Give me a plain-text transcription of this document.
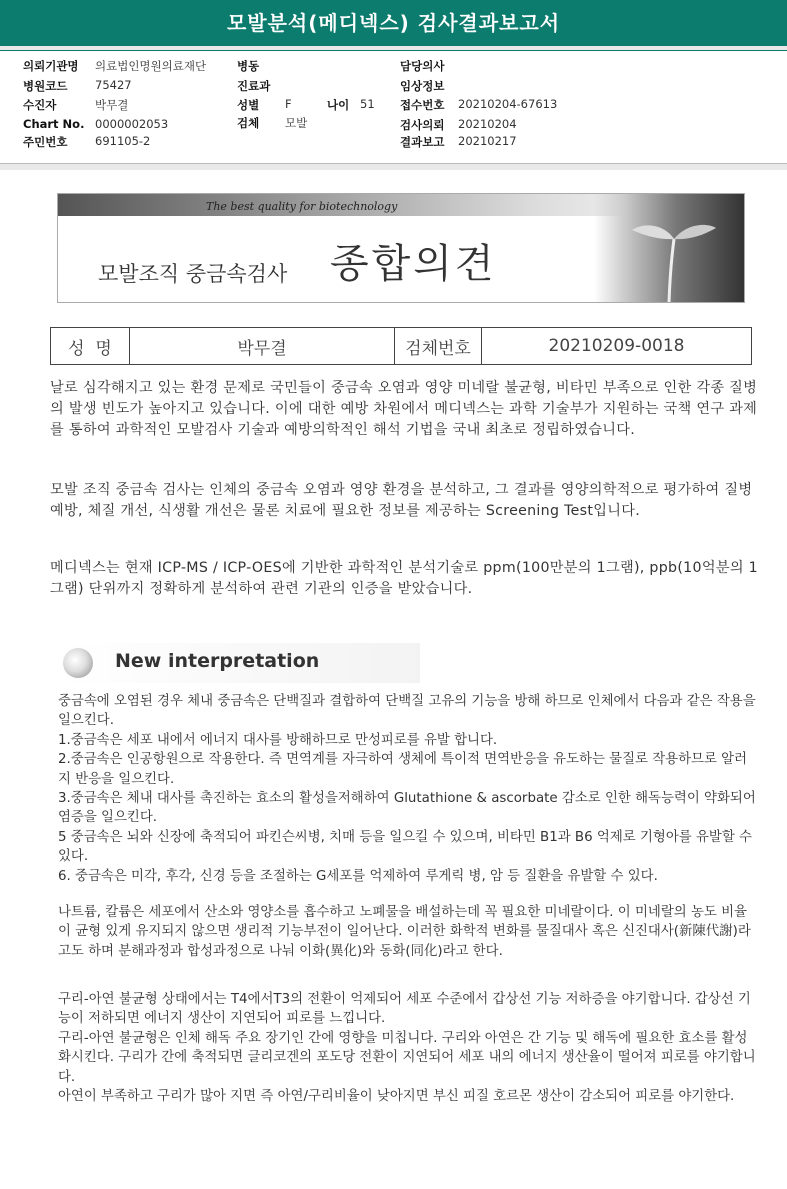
모발분석(메디넥스) 검사결과보고서
의뢰기관명 의료법인명원의료재단	병동	담당의사
병원코드 75427	진료과	임상정보
수진자	박무결	성별 F	나이 51 접수번호 20210204-67613
Chart No. 0000002053	검체 모발	검사의뢰 20210204
주민번호 691105-2	결과보고 20210217
The best quality for biotechnology
모발조직 중금속검사 종합의견
성  명	박무결	검체번호	20210209-0018

날로 심각해지고 있는 환경 문제로 국민들이 중금속 오염과 영양 미네랄 불균형, 비타민 부족으로 인한 각종 질병의 발생 빈도가 높아지고 있습니다. 이에 대한 예방 차원에서 메디넥스는 과학 기술부가 지원하는 국책 연구 과제를 통하여 과학적인 모발검사 기술과 예방의학적인 해석 기법을 국내 최초로 정립하였습니다.

모발 조직 중금속 검사는 인체의 중금속 오염과 영양 환경을 분석하고, 그 결과를 영양의학적으로 평가하여 질병 예방, 체질 개선, 식생활 개선은 물론 치료에 필요한 정보를 제공하는 Screening Test입니다.

메디넥스는 현재 ICP-MS / ICP-OES에 기반한 과학적인 분석기술로 ppm(100만분의 1그램), ppb(10억분의 1그램) 단위까지 정확하게 분석하여 관련 기관의 인증을 받았습니다.

New interpretation

중금속에 오염된 경우 체내 중금속은 단백질과 결합하여 단백질 고유의 기능을 방해 하므로 인체에서 다음과 같은 작용을 일으킨다.
1.중금속은 세포 내에서 에너지 대사를 방해하므로 만성피로를 유발 합니다.
2.중금속은 인공항원으로 작용한다. 즉 면역계를 자극하여 생체에 특이적 면역반응을 유도하는 물질로 작용하므로 알러지 반응을 일으킨다.
3.중금속은 체내 대사를 촉진하는 효소의 활성을저해하여 Glutathione & ascorbate 감소로 인한 해독능력이 약화되어 염증을 일으킨다.
5 중금속은 뇌와 신장에 축적되어 파킨슨씨병, 치매 등을 일으킬 수 있으며, 비타민 B1과 B6 억제로 기형아를 유발할 수 있다.
6. 중금속은 미각, 후각, 신경 등을 조절하는 G세포를 억제하여 루게릭 병, 암 등 질환을 유발할 수 있다.

나트륨, 칼륨은 세포에서 산소와 영양소를 흡수하고 노폐물을 배설하는데 꼭 필요한 미네랄이다. 이 미네랄의 농도 비율이 균형 있게 유지되지 않으면 생리적 기능부전이 일어난다. 이러한 화학적 변화를 물질대사 혹은 신진대사(新陳代謝)라고도 하며 분해과정과 합성과정으로 나눠 이화(異化)와 동화(同化)라고 한다.

구리-아연 불균형 상태에서는 T4에서T3의 전환이 억제되어 세포 수준에서 갑상선 기능 저하증을 야기합니다. 갑상선 기능이 저하되면 에너지 생산이 지연되어 피로를 느낍니다.
구리-아연 불균형은 인체 해독 주요 장기인 간에 영향을 미칩니다. 구리와 아연은 간 기능 및 해독에 필요한 효소를 활성화시킨다. 구리가 간에 축적되면 글리코겐의 포도당 전환이 지연되어 세포 내의 에너지 생산율이 떨어져 피로를 야기합니다.
아연이 부족하고 구리가 많아 지면 즉 아연/구리비율이 낮아지면 부신 피질 호르몬 생산이 감소되어 피로를 야기한다.
